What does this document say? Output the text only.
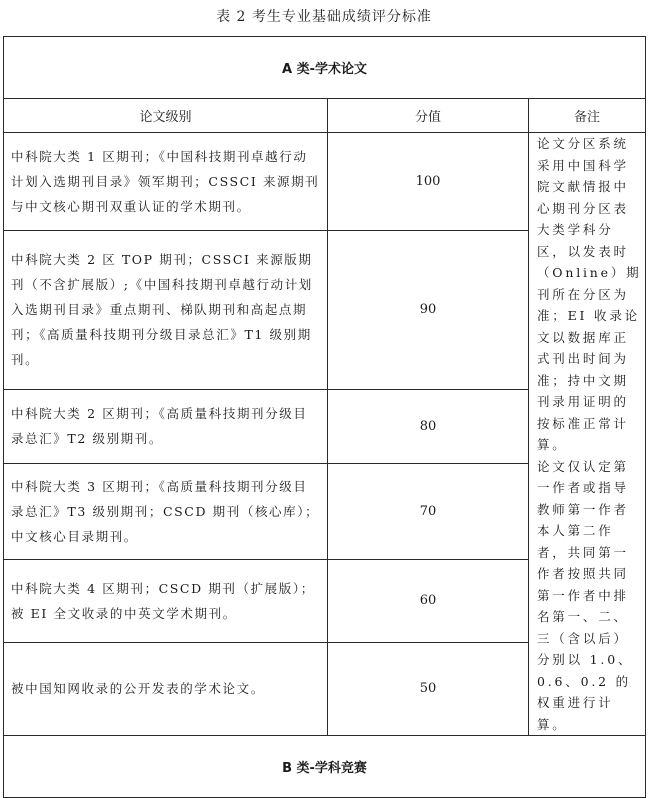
表 2 考生专业基础成绩评分标准
A 类-学术论文		
论文级别	分值	备注
中科院大类 1 区期刊；《中国科技期刊卓越行动计划入选期刊目录》领军期刊；CSSCI 来源期刊与中文核心期刊双重认证的学术期刊。	100	论文分区系统采用中国科学院文献情报中心期刊分区表大类学科分区，以发表时（Online）期刊所在分区为准；EI 收录论文以数据库正式刊出时间为准；持中文期刊录用证明的按标准正常计算。

论文仅认定第一作者或指导教师第一作者本人第二作者，共同第一作者按照共同第一作者中排名第一、二、三（含以后）分别以 1.0、0.6、0.2 的权重进行计算。

中科院大类 2 区 TOP 期刊；CSSCI 来源版期刊（不含扩展版）;《中国科技期刊卓越行动计划入选期刊目录》重点期刊、梯队期刊和高起点期刊；《高质量科技期刊分级目录总汇》T1 级别期刊。	90	
中科院大类 2 区期刊；《高质量科技期刊分级目录总汇》T2 级别期刊。	80	
中科院大类 3 区期刊；《高质量科技期刊分级目录总汇》T3 级别期刊；CSCD 期刊（核心库）；中文核心目录期刊。	70	
中科院大类 4 区期刊；CSCD 期刊（扩展版）；被 EI 全文收录的中英文学术期刊。	60	
被中国知网收录的公开发表的学术论文。	50	
B 类-学科竞赛		
